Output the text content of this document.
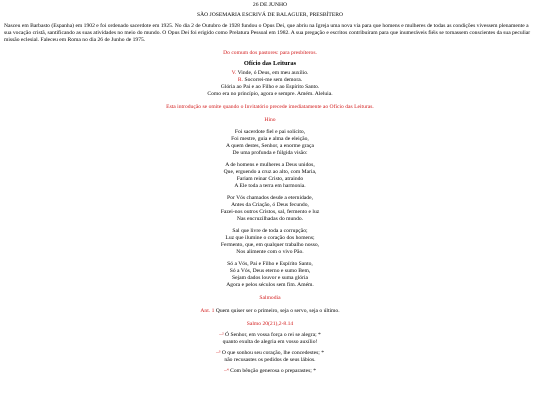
26 DE JUNHO

SÃO JOSEMARIA ESCRIVÁ DE BALAGUER, PRESBÍTERO

Nasceu em Barbasto (Espanha) em 1902 e foi ordenado sacerdote em 1925. No dia 2 de Outubro de 1928 fundou o Opus Dei, que abriu na Igreja uma nova via para que homens e mulheres de todas as condições vivessem plenamente a sua vocação cristã, santificando as suas atividades no meio do mundo. O Opus Dei foi erigido como Prelatura Pessoal em 1982. A sua pregação e escritos contribuíram para que inumeráveis fiéis se tornassem conscientes da sua peculiar missão eclesial. Faleceu em Roma no dia 26 de Junho de 1975.

Do comum dos pastores: para presbíteros.

Ofício das Leituras

V. Vinde, ó Deus, em meu auxílio.
R. Socorrei-me sem demora.
Glória ao Pai e ao Filho e ao Espírito Santo.
Como era no princípio, agora e sempre. Amém. Aleluia.

Esta introdução se omite quando o Invitatório precede imediatamente ao Ofício das Leituras.

Hino

Foi sacerdote fiel e pai solícito,
Foi mestre, guia e alma de eleição,
A quem destes, Senhor, a enorme graça
De uma profunda e fúlgida visão:
A de homens e mulheres a Deus unidos,
Que, erguendo a cruz ao alto, com Maria,
Fariam reinar Cristo, atraindo
A Ele toda a terra em harmonia.
Por Vós chamados desde a eternidade,
Antes da Criação, ó Deus fecundo,
Fazei-nos outros Cristos, sal, fermento e luz
Nas encruzilhadas do mundo.
Sal que livre de toda a corrupção;
Luz que ilumine o coração dos homens;
Fermento, que, em qualquer trabalho nosso,
Nos alimente com o vivo Pão.
Só a Vós, Pai e Filho e Espírito Santo,
Só a Vós, Deus eterno e sumo Bem,
Sejam dados louvor e suma glória
Agora e pelos séculos sem fim. Amém.

Salmodia

Ant. 1 Quem quiser ser o primeiro, seja o servo, seja o último.

Salmo 20(21),2-8.14

–² Ó Senhor, em vossa força o rei se alegra; *
quanto exulta de alegria em vosso auxílio!
–³ O que sonhou seu coração, lhe concedestes; *
não recusastes os pedidos de seus lábios.
–⁴ Com bênção generosa o preparastes; *
